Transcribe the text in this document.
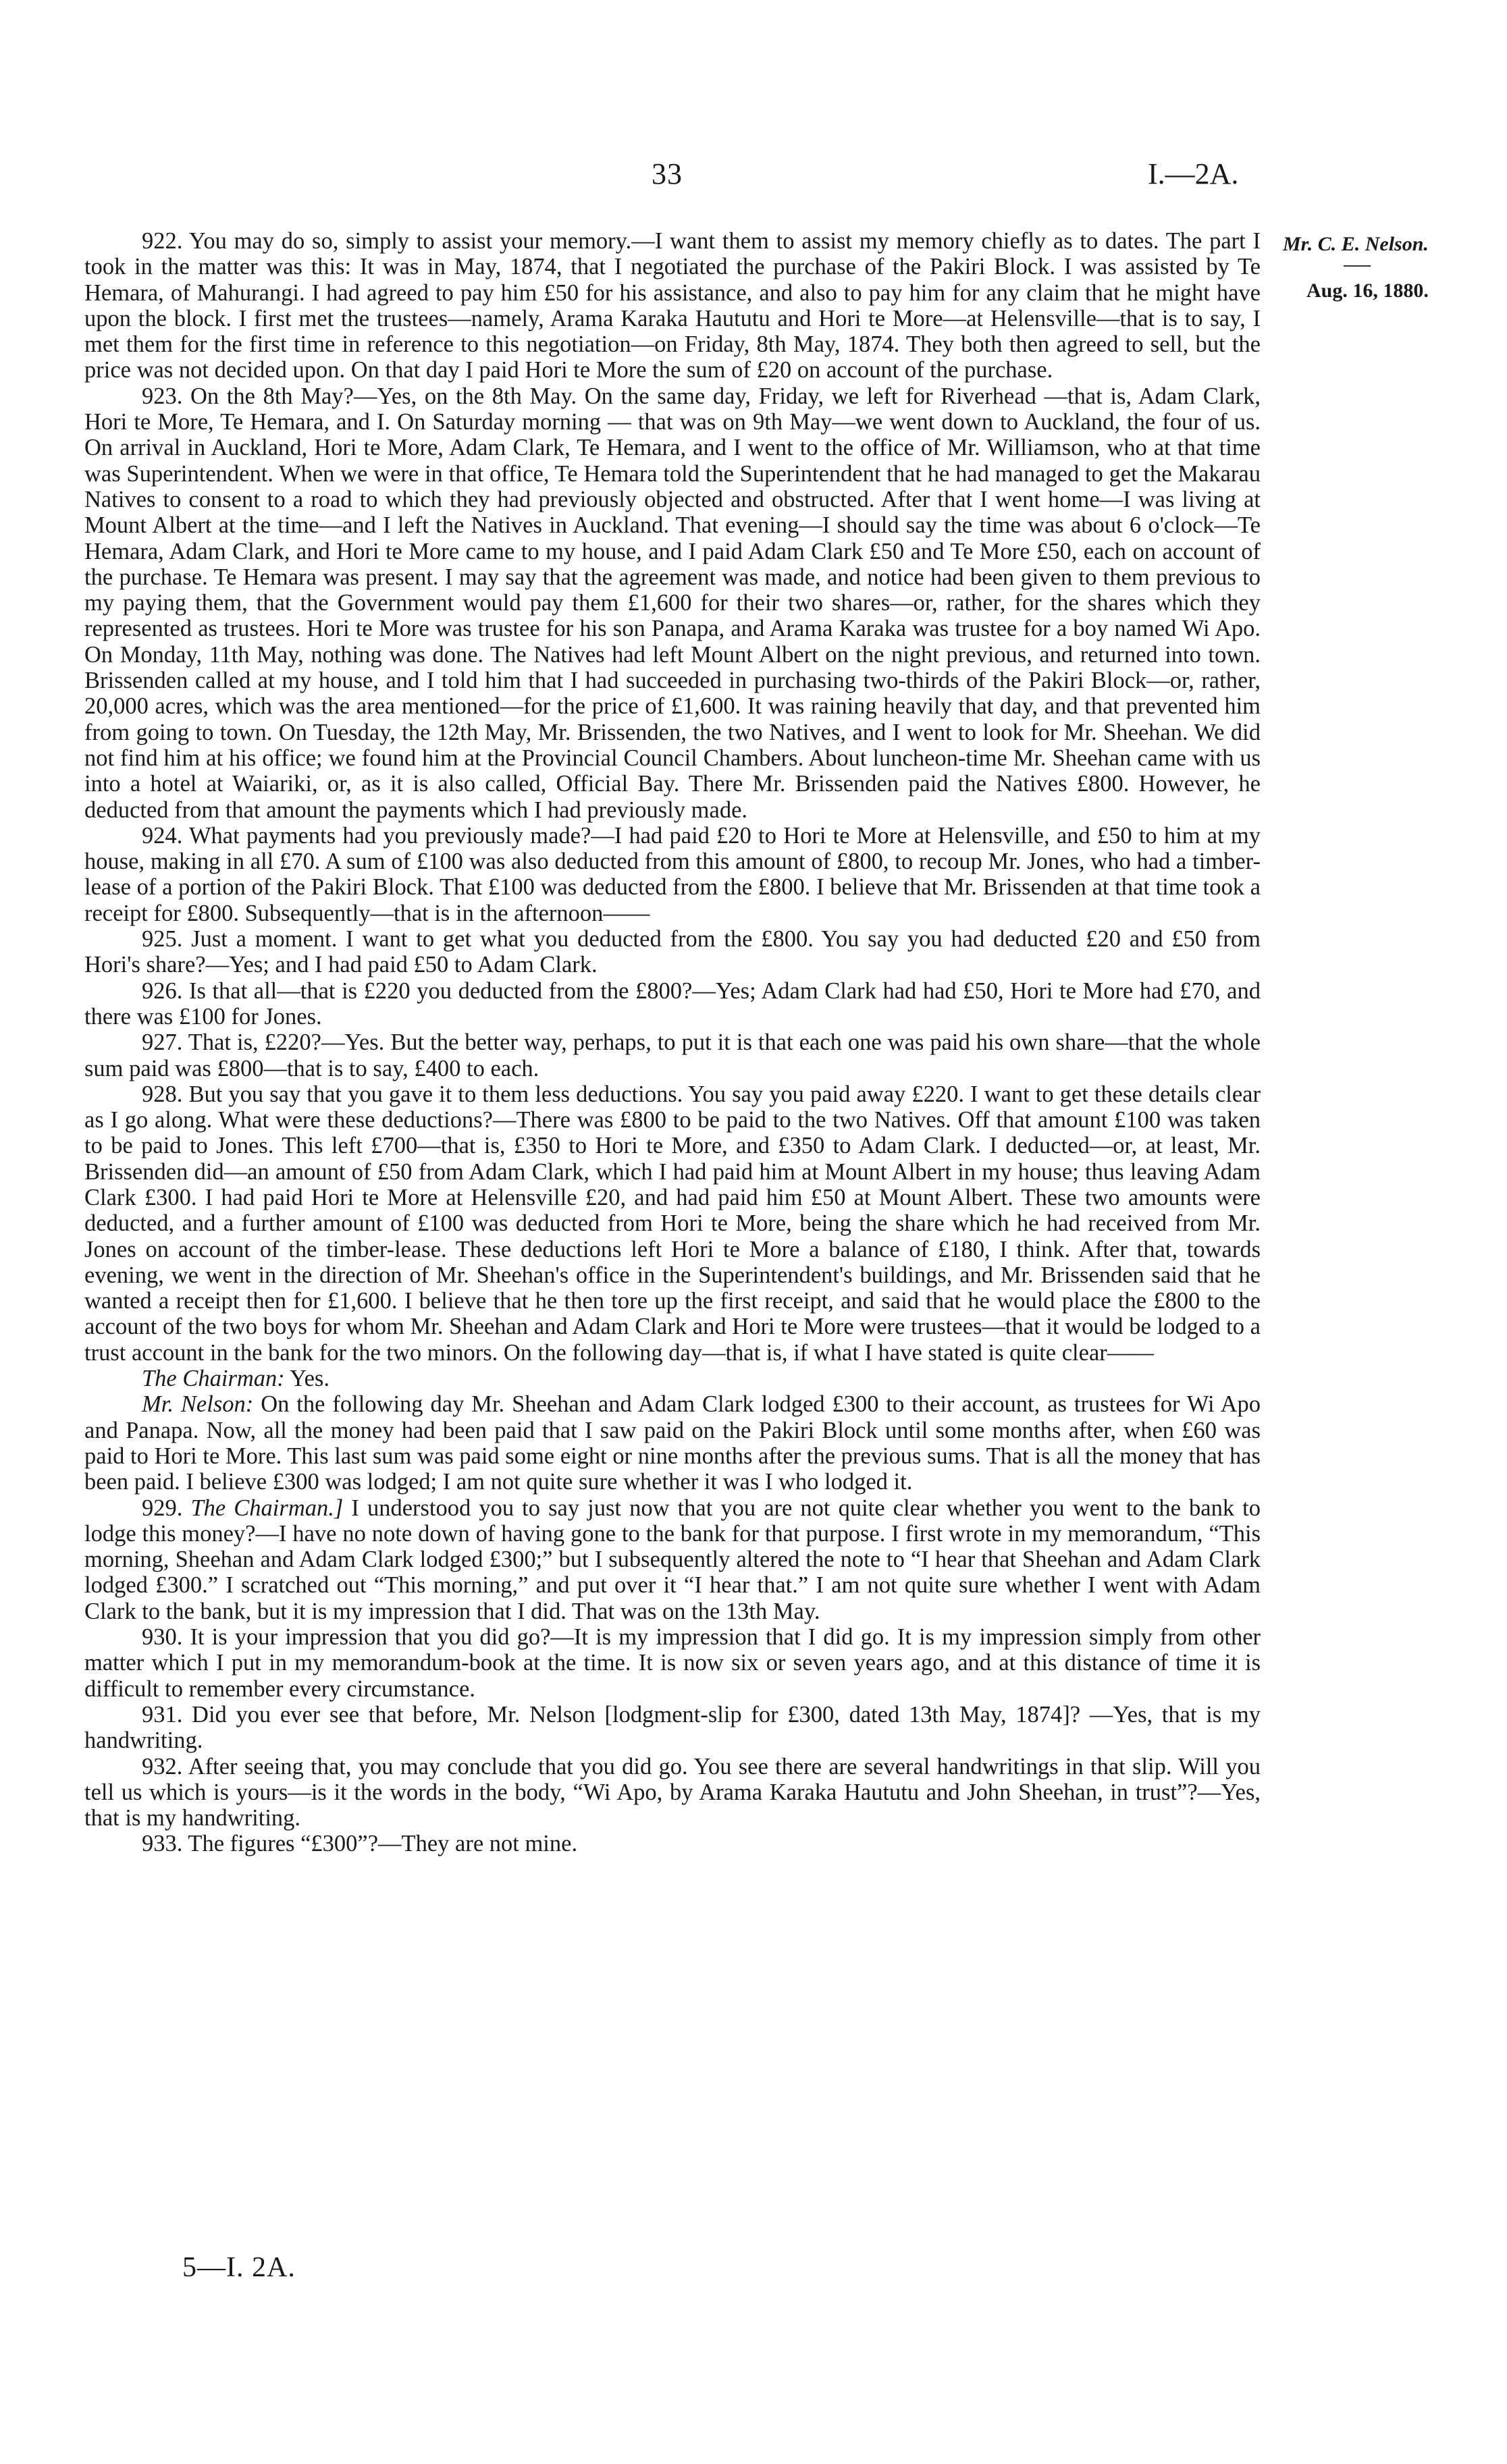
33	I.—2A.
Mr. C. E. Nelson.
Aug. 16, 1880.

922. You may do so, simply to assist your memory.—I want them to assist my memory chiefly as to dates. The part I took in the matter was this: It was in May, 1874, that I negotiated the purchase of the Pakiri Block. I was assisted by Te Hemara, of Mahurangi. I had agreed to pay him £50 for his assistance, and also to pay him for any claim that he might have upon the block. I first met the trustees—namely, Arama Karaka Haututu and Hori te More—at Helensville—that is to say, I met them for the first time in reference to this negotiation—on Friday, 8th May, 1874. They both then agreed to sell, but the price was not decided upon. On that day I paid Hori te More the sum of £20 on account of the purchase.

923. On the 8th May?—Yes, on the 8th May. On the same day, Friday, we left for Riverhead —that is, Adam Clark, Hori te More, Te Hemara, and I. On Saturday morning — that was on 9th May—we went down to Auckland, the four of us. On arrival in Auckland, Hori te More, Adam Clark, Te Hemara, and I went to the office of Mr. Williamson, who at that time was Superintendent. When we were in that office, Te Hemara told the Superintendent that he had managed to get the Makarau Natives to consent to a road to which they had previously objected and obstructed. After that I went home—I was living at Mount Albert at the time—and I left the Natives in Auckland. That evening—I should say the time was about 6 o'clock—Te Hemara, Adam Clark, and Hori te More came to my house, and I paid Adam Clark £50 and Te More £50, each on account of the purchase. Te Hemara was present. I may say that the agreement was made, and notice had been given to them previous to my paying them, that the Government would pay them £1,600 for their two shares—or, rather, for the shares which they represented as trustees. Hori te More was trustee for his son Panapa, and Arama Karaka was trustee for a boy named Wi Apo. On Monday, 11th May, nothing was done. The Natives had left Mount Albert on the night previous, and returned into town. Brissenden called at my house, and I told him that I had succeeded in purchasing two-thirds of the Pakiri Block—or, rather, 20,000 acres, which was the area mentioned—for the price of £1,600. It was raining heavily that day, and that prevented him from going to town. On Tuesday, the 12th May, Mr. Brissenden, the two Natives, and I went to look for Mr. Sheehan. We did not find him at his office; we found him at the Provincial Council Chambers. About luncheon-time Mr. Sheehan came with us into a hotel at Waiariki, or, as it is also called, Official Bay. There Mr. Brissenden paid the Natives £800. However, he deducted from that amount the payments which I had previously made.

924. What payments had you previously made?—I had paid £20 to Hori te More at Helensville, and £50 to him at my house, making in all £70. A sum of £100 was also deducted from this amount of £800, to recoup Mr. Jones, who had a timber-lease of a portion of the Pakiri Block. That £100 was deducted from the £800. I believe that Mr. Brissenden at that time took a receipt for £800. Subsequently—that is in the afternoon——

925. Just a moment. I want to get what you deducted from the £800. You say you had deducted £20 and £50 from Hori's share?—Yes; and I had paid £50 to Adam Clark.

926. Is that all—that is £220 you deducted from the £800?—Yes; Adam Clark had had £50, Hori te More had £70, and there was £100 for Jones.

927. That is, £220?—Yes. But the better way, perhaps, to put it is that each one was paid his own share—that the whole sum paid was £800—that is to say, £400 to each.

928. But you say that you gave it to them less deductions. You say you paid away £220. I want to get these details clear as I go along. What were these deductions?—There was £800 to be paid to the two Natives. Off that amount £100 was taken to be paid to Jones. This left £700—that is, £350 to Hori te More, and £350 to Adam Clark. I deducted—or, at least, Mr. Brissenden did—an amount of £50 from Adam Clark, which I had paid him at Mount Albert in my house; thus leaving Adam Clark £300. I had paid Hori te More at Helensville £20, and had paid him £50 at Mount Albert. These two amounts were deducted, and a further amount of £100 was deducted from Hori te More, being the share which he had received from Mr. Jones on account of the timber-lease. These deductions left Hori te More a balance of £180, I think. After that, towards evening, we went in the direction of Mr. Sheehan's office in the Superintendent's buildings, and Mr. Brissenden said that he wanted a receipt then for £1,600. I believe that he then tore up the first receipt, and said that he would place the £800 to the account of the two boys for whom Mr. Sheehan and Adam Clark and Hori te More were trustees—that it would be lodged to a trust account in the bank for the two minors. On the following day—that is, if what I have stated is quite clear——

The Chairman: Yes.

Mr. Nelson: On the following day Mr. Sheehan and Adam Clark lodged £300 to their account, as trustees for Wi Apo and Panapa. Now, all the money had been paid that I saw paid on the Pakiri Block until some months after, when £60 was paid to Hori te More. This last sum was paid some eight or nine months after the previous sums. That is all the money that has been paid. I believe £300 was lodged; I am not quite sure whether it was I who lodged it.

929. The Chairman.] I understood you to say just now that you are not quite clear whether you went to the bank to lodge this money?—I have no note down of having gone to the bank for that purpose. I first wrote in my memorandum, “This morning, Sheehan and Adam Clark lodged £300;” but I subsequently altered the note to “I hear that Sheehan and Adam Clark lodged £300.” I scratched out “This morning,” and put over it “I hear that.” I am not quite sure whether I went with Adam Clark to the bank, but it is my impression that I did. That was on the 13th May.

930. It is your impression that you did go?—It is my impression that I did go. It is my impression simply from other matter which I put in my memorandum-book at the time. It is now six or seven years ago, and at this distance of time it is difficult to remember every circumstance.

931. Did you ever see that before, Mr. Nelson [lodgment-slip for £300, dated 13th May, 1874]? —Yes, that is my handwriting.

932. After seeing that, you may conclude that you did go. You see there are several handwritings in that slip. Will you tell us which is yours—is it the words in the body, “Wi Apo, by Arama Karaka Haututu and John Sheehan, in trust”?—Yes, that is my handwriting.

933. The figures “£300”?—They are not mine.

5—I. 2A.
